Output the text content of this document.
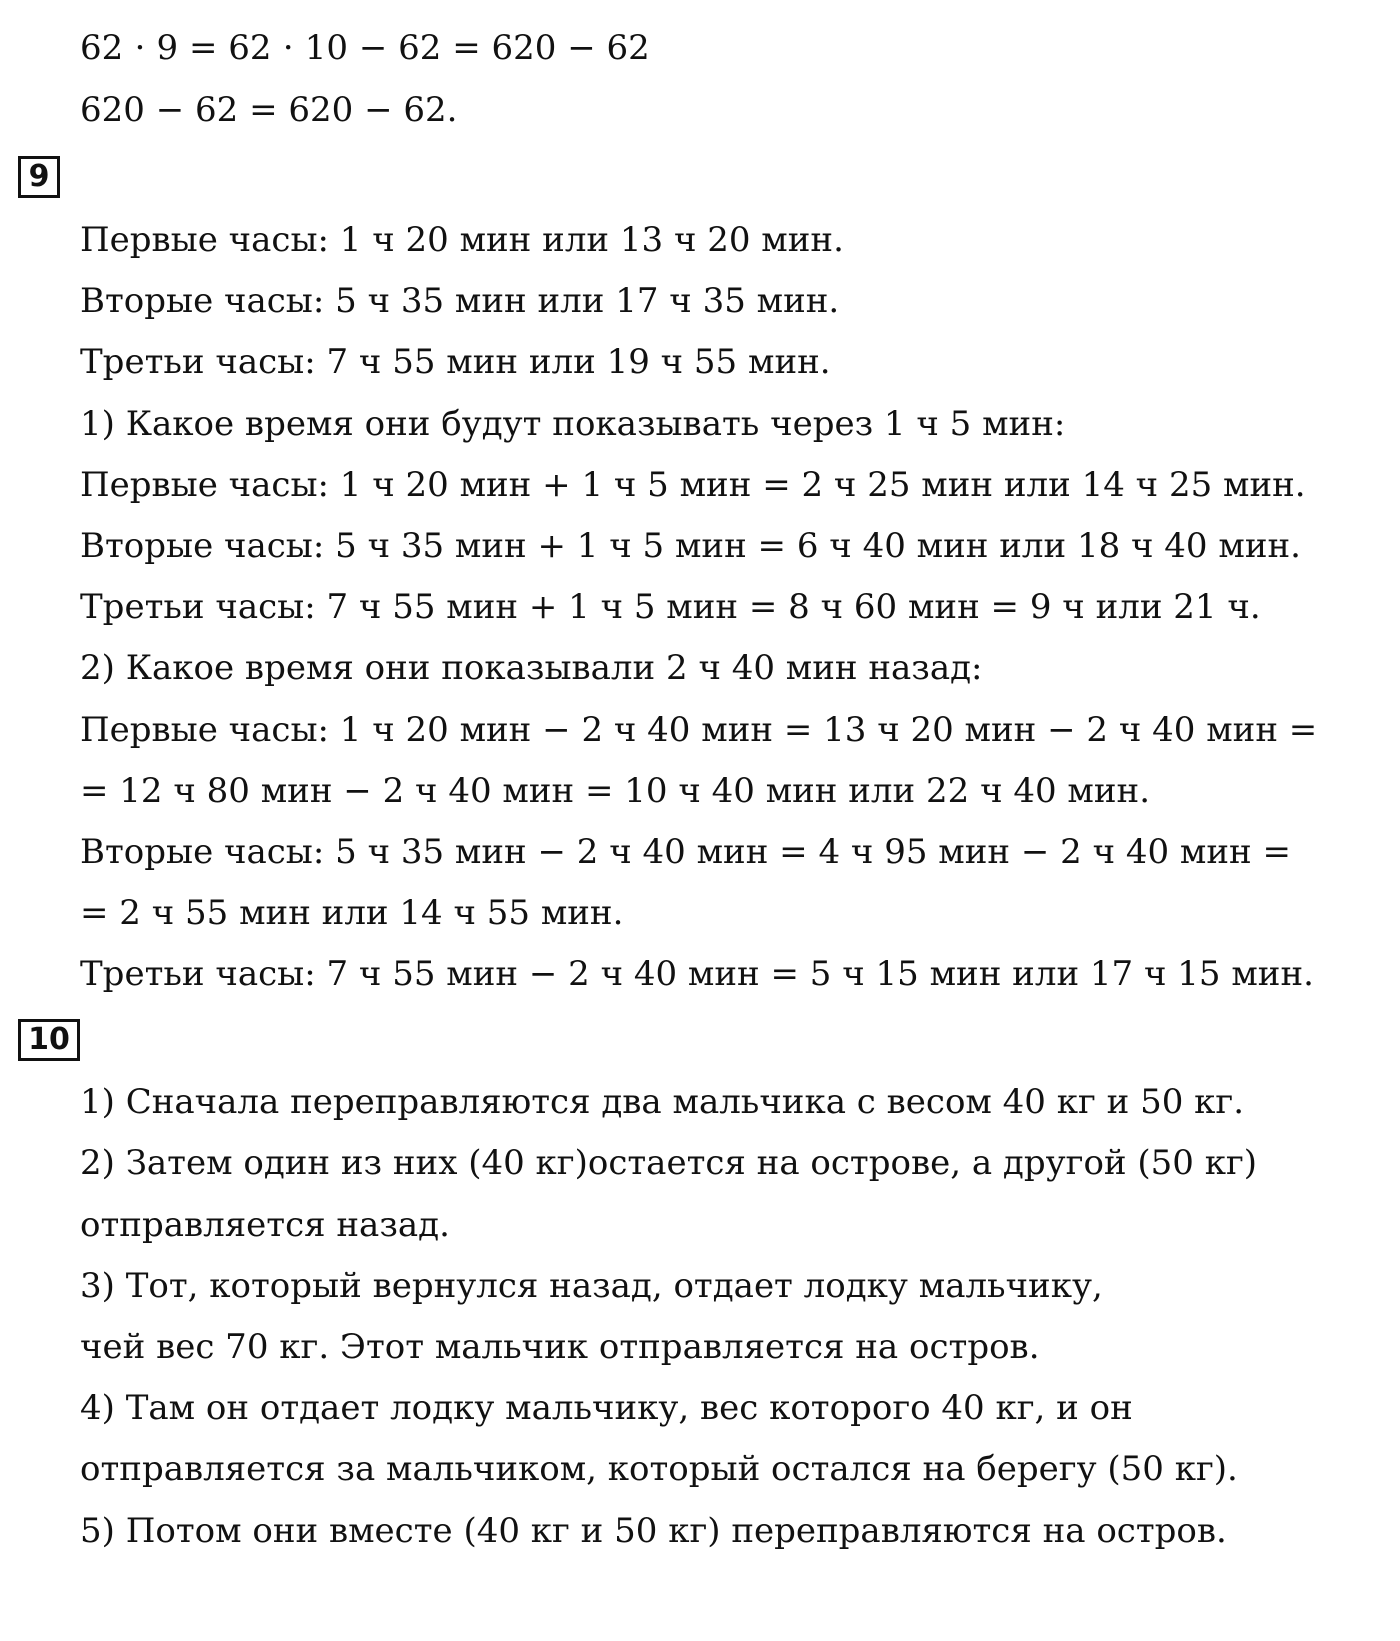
62 ⋅ 9 = 62 ⋅ 10 − 62 = 620 − 62
620 − 62 = 620 − 62.
9
Первые часы: 1 ч 20 мин или 13 ч 20 мин.
Вторые часы: 5 ч 35 мин или 17 ч 35 мин.
Третьи часы: 7 ч 55 мин или 19 ч 55 мин.
1) Какое время они будут показывать через 1 ч 5 мин:
Первые часы: 1 ч 20 мин + 1 ч 5 мин = 2 ч 25 мин или 14 ч 25 мин.
Вторые часы: 5 ч 35 мин + 1 ч 5 мин = 6 ч 40 мин или 18 ч 40 мин.
Третьи часы: 7 ч 55 мин + 1 ч 5 мин = 8 ч 60 мин = 9 ч или 21 ч.
2) Какое время они показывали 2 ч 40 мин назад:
Первые часы: 1 ч 20 мин − 2 ч 40 мин = 13 ч 20 мин − 2 ч 40 мин =
= 12 ч 80 мин − 2 ч 40 мин = 10 ч 40 мин или 22 ч 40 мин.
Вторые часы: 5 ч 35 мин − 2 ч 40 мин = 4 ч 95 мин − 2 ч 40 мин =
= 2 ч 55 мин или 14 ч 55 мин.
Третьи часы: 7 ч 55 мин − 2 ч 40 мин = 5 ч 15 мин или 17 ч 15 мин.
10
1) Сначала переправляются два мальчика с весом 40 кг и 50 кг.
2) Затем один из них (40 кг)остается на острове, а другой (50 кг)
отправляется назад.
3) Тот, который вернулся назад, отдает лодку мальчику,
чей вес 70 кг. Этот мальчик отправляется на остров.
4) Там он отдает лодку мальчику, вес которого 40 кг, и он
отправляется за мальчиком, который остался на берегу (50 кг).
5) Потом они вместе (40 кг и 50 кг) переправляются на остров.
